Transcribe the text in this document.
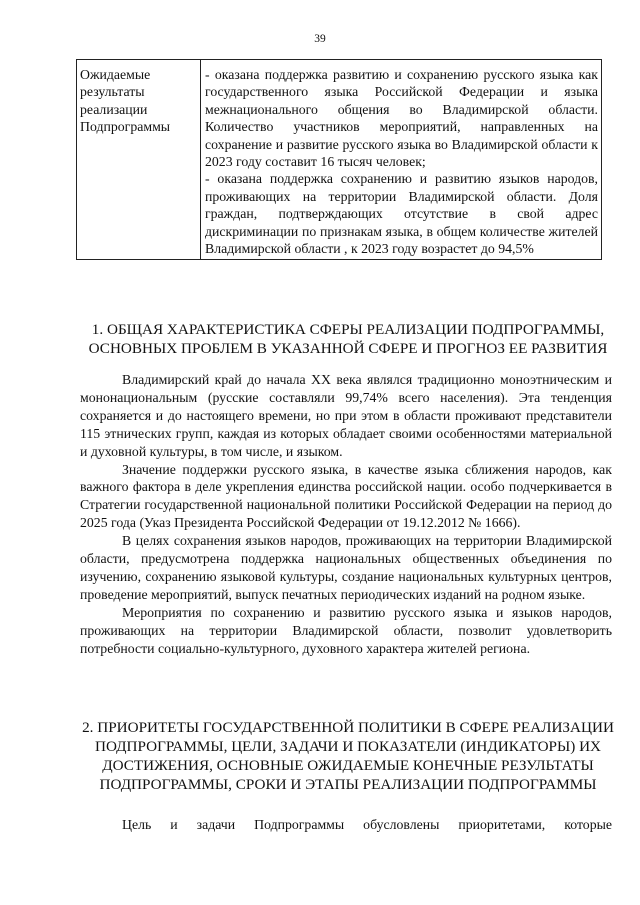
39
Ожидаемые результаты реализации Подпрограммы

- оказана поддержка развитию и сохранению русского языка как государственного языка Российской Федерации и языка межнационального общения во Владимирской области. Количество участников мероприятий, направленных на сохранение и развитие русского языка во Владимирской области к 2023 году составит 16 тысяч человек;

- оказана поддержка сохранению и развитию языков народов, проживающих на территории Владимирской области. Доля граждан, подтверждающих отсутствие в свой адрес дискриминации по признакам языка, в общем количестве жителей Владимирской области , к 2023 году возрастет до 94,5%

1. ОБЩАЯ ХАРАКТЕРИСТИКА СФЕРЫ РЕАЛИЗАЦИИ ПОДПРОГРАММЫ, ОСНОВНЫХ ПРОБЛЕМ В УКАЗАННОЙ СФЕРЕ И ПРОГНОЗ ЕЕ РАЗВИТИЯ

Владимирский край до начала XX века являлся традиционно моноэтническим и мононациональным (русские составляли 99,74% всего населения). Эта тенденция сохраняется и до настоящего времени, но при этом в области проживают представители 115 этнических групп, каждая из которых обладает своими особенностями материальной и духовной культуры, в том числе, и языком.

Значение поддержки русского языка, в качестве языка сближения народов, как важного фактора в деле укрепления единства российской нации. особо подчеркивается в Стратегии государственной национальной политики Российской Федерации на период до 2025 года (Указ Президента Российской Федерации от 19.12.2012 № 1666).

В целях сохранения языков народов, проживающих на территории Владимирской области, предусмотрена поддержка национальных общественных объединения по изучению, сохранению языковой культуры, создание национальных культурных центров, проведение мероприятий, выпуск печатных периодических изданий на родном языке.

Мероприятия по сохранению и развитию русского языка и языков народов, проживающих на территории Владимирской области, позволит удовлетворить потребности социально-культурного, духовного характера жителей региона.

2. ПРИОРИТЕТЫ ГОСУДАРСТВЕННОЙ ПОЛИТИКИ В СФЕРЕ РЕАЛИЗАЦИИ ПОДПРОГРАММЫ, ЦЕЛИ, ЗАДАЧИ И ПОКАЗАТЕЛИ (ИНДИКАТОРЫ) ИХ ДОСТИЖЕНИЯ, ОСНОВНЫЕ ОЖИДАЕМЫЕ КОНЕЧНЫЕ РЕЗУЛЬТАТЫ ПОДПРОГРАММЫ, СРОКИ И ЭТАПЫ РЕАЛИЗАЦИИ ПОДПРОГРАММЫ
Цель и задачи Подпрограммы обусловлены приоритетами, которые
